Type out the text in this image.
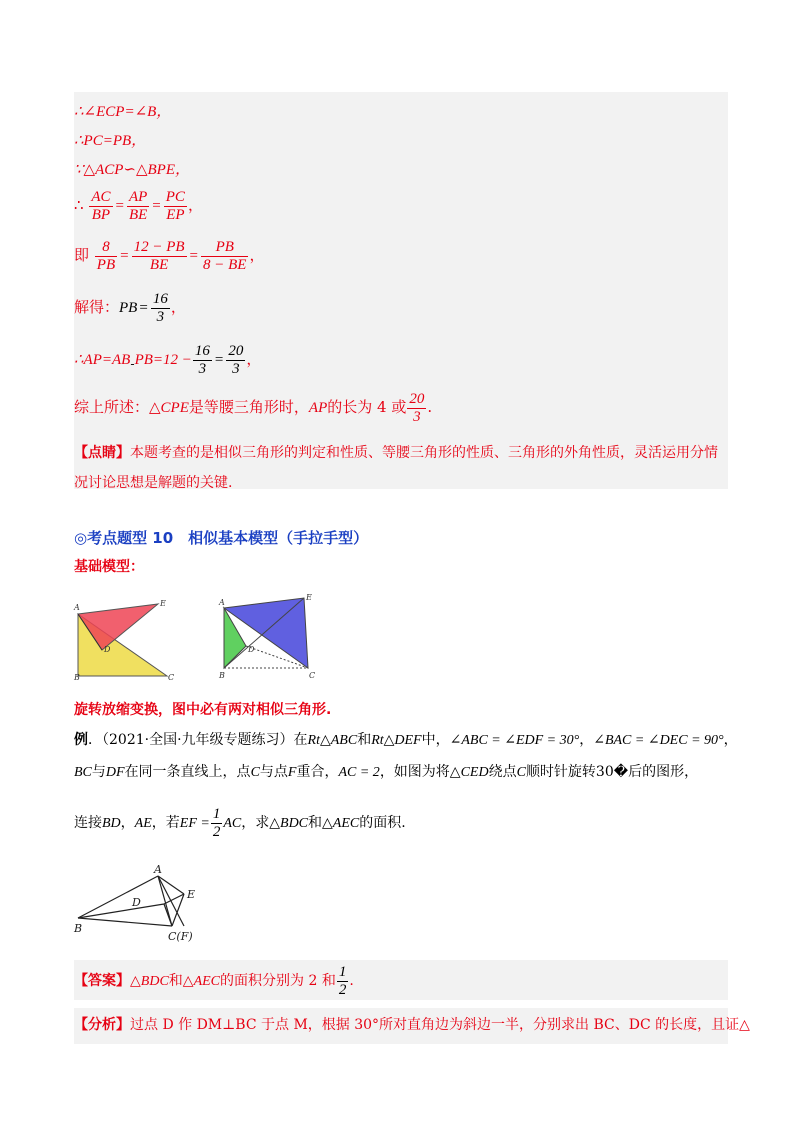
∴∠ECP=∠B，
∴PC=PB，
∵△ACP∽△BPE，
∴ $\frac{AC}{BP} = \frac{AP}{BE} = \frac{PC}{EP}$ ，
即 $\frac{8}{PB} = \frac{12 - PB}{BE} = \frac{PB}{8 - BE}$ ，
解得：PB = $\frac{16}{3}$ ，
$\therefore AP=AB_-PB=12 - \frac{16}{3} = \frac{20}{3}$ ，
综上所述：△CPE是等腰三角形时，AP的长为 4 或 $\frac{20}{3}$ .
【点睛】本题考查的是相似三角形的判定和性质、等腰三角形的性质、三角形的外角性质，灵活运用分情
况讨论思想是解题的关键.
◎考点题型 10　相似基本模型（手拉手型）
基础模型：
A	E
D
B	C
A
E
D
B	C
旋转放缩变换，图中必有两对相似三角形.
例．（2021·全国·九年级专题练习）在Rt△ABC和Rt△DEF中，∠ABC = ∠EDF = 30°，∠BAC = ∠DEC = 90°，
BC与DF在同一条直线上，点C与点F重合，AC = 2，如图为将△CED绕点C顺时针旋转30�后的图形，
连接BD，AE，若EF = $\frac{1}{2}$ AC，求△BDC和△AEC的面积.
A
E
D
B
C(F)
【答案】△BDC和△AEC的面积分别为 2 和 $\frac{1}{2}$ .
【分析】过点 D 作 DM⊥BC 于点 M，根据 30°所对直角边为斜边一半，分别求出 BC、DC 的长度，且证△
